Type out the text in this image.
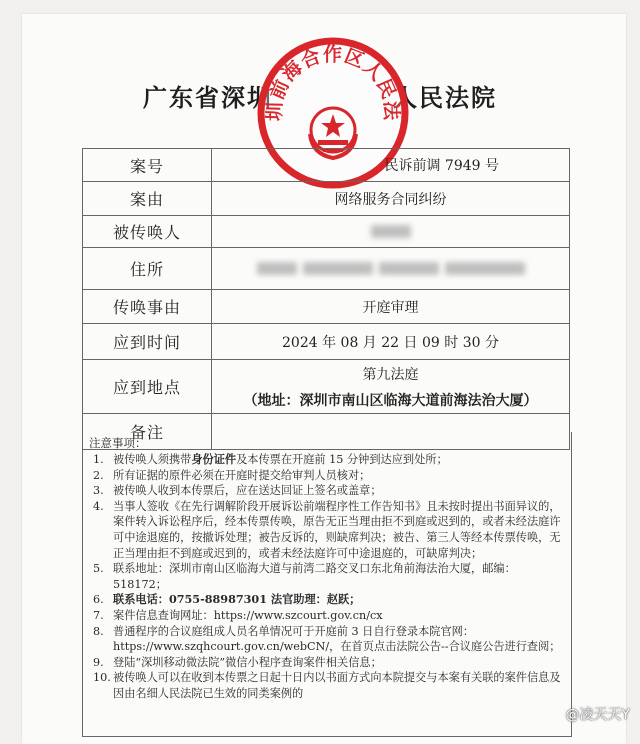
广东省深圳	人民法院
圳前海合作区人民法
案号	民诉前调 7949 号
案由	网络服务合同纠纷
被传唤人	
住所	
传唤事由	开庭审理
应到时间	2024 年 08 月 22 日 09 时 30 分
应到地点	第九法庭
（地址：深圳市南山区临海大道前海法治大厦）

备注	
注意事项：
1. 被传唤人须携带身份证件及本传票在开庭前 15 分钟到达应到处所；
2. 所有证据的原件必须在开庭时提交给审判人员核对；
3. 被传唤人收到本传票后，应在送达回证上签名或盖章；
4. 当事人签收《在先行调解阶段开展诉讼前端程序性工作告知书》且未按时提出书面异议的，案件转入诉讼程序后，经本传票传唤，原告无正当理由拒不到庭或迟到的，或者未经法庭许可中途退庭的，按撤诉处理；被告反诉的，则缺席判决；被告、第三人等经本传票传唤，无正当理由拒不到庭或迟到的，或者未经法庭许可中途退庭的，可缺席判决；
5. 联系地址：深圳市南山区临海大道与前湾二路交叉口东北角前海法治大厦，邮编：518172；
6. 联系电话：0755-88987301 法官助理：赵跃；
7. 案件信息查询网址：https://www.szcourt.gov.cn/cx
8. 普通程序的合议庭组成人员名单情况可于开庭前 3 日自行登录本院官网：https://www.szqhcourt.gov.cn/webCN/，在首页点击法院公告--合议庭公告进行查阅；
9. 登陆“深圳移动微法院”微信小程序查询案件相关信息；
10. 被传唤人可以在收到本传票之日起十日内以书面方式向本院提交与本案有关联的案件信息及因由名细人民法院已生效的同类案例的
@凌天天Y
